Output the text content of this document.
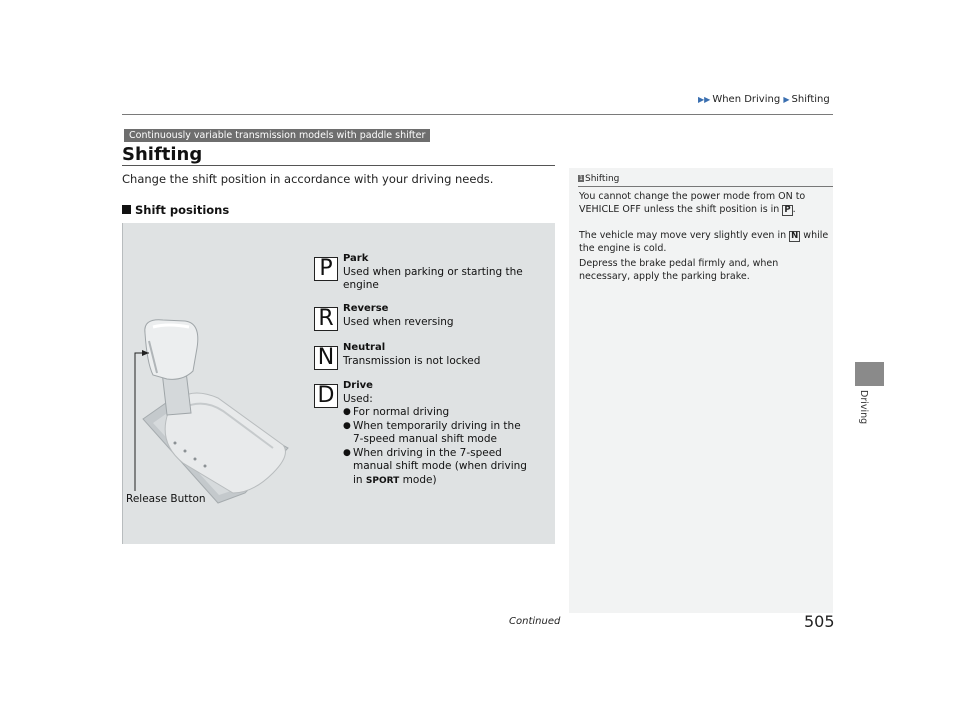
▶▶ When Driving ▶ Shifting
Continuously variable transmission models with paddle shifter
Shifting
Change the shift position in accordance with your driving needs.
Shift positions
P	Park
Used when parking or starting the engine
R Reverse
Used when reversing
N Neutral
Transmission is not locked
D Drive
Used:
● For normal driving
● When temporarily driving in the 7-speed manual shift mode
● When driving in the 7-speed manual shift mode (when driving in SPORT mode)
Release Button
1 Shifting
You cannot change the power mode from ON to VEHICLE OFF unless the shift position is in P .
The vehicle may move very slightly even in N while the engine is cold.
Depress the brake pedal firmly and, when necessary, apply the parking brake.
Driving
Continued	505
